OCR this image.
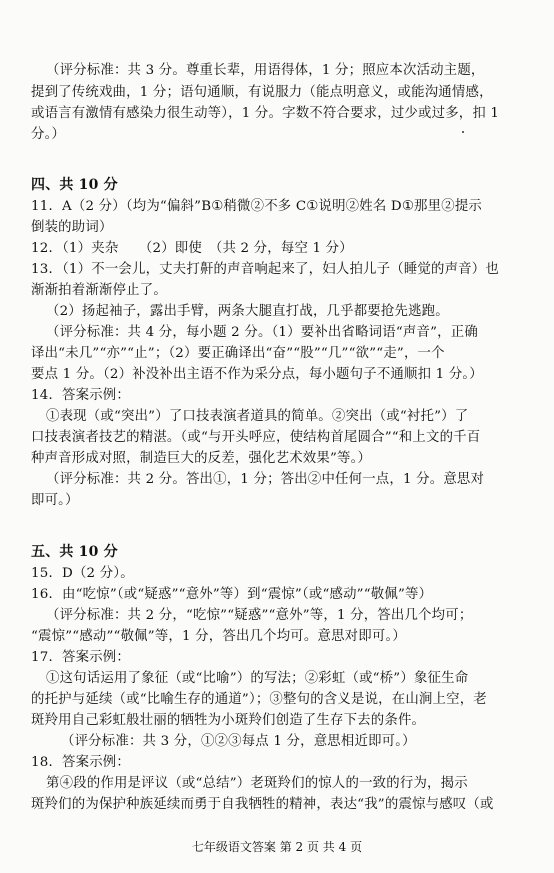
（评分标准：共 3 分。尊重长辈，用语得体，1 分；照应本次活动主题，
提到了传统戏曲，1 分；语句通顺，有说服力（能点明意义，或能沟通情感，
或语言有激情有感染力很生动等），1 分。字数不符合要求，过少或过多，扣 1
分。）
四、共 10 分
11．A（2 分）（均为“偏斜”B①稍微②不多 C①说明②姓名 D①那里②提示
倒装的助词）
12．（1）夹杂　　（2）即使　（共 2 分，每空 1 分）
13．（1）不一会儿，丈夫打鼾的声音响起来了，妇人拍儿子（睡觉的声音）也
渐渐拍着渐渐停止了。
（2）扬起袖子，露出手臂，两条大腿直打战，几乎都要抢先逃跑。
（评分标准：共 4 分，每小题 2 分。（1）要补出省略词语“声音”，正确
译出“未几”“亦”“止”；（2）要正确译出“奋”“股”“几”“欲”“走”，一个
要点 1 分。（2）补没补出主语不作为采分点，每小题句子不通顺扣 1 分。）
14．答案示例：
①表现（或“突出”）了口技表演者道具的简单。②突出（或“衬托”）了
口技表演者技艺的精湛。（或“与开头呼应，使结构首尾圆合”“和上文的千百
种声音形成对照，制造巨大的反差，强化艺术效果”等。）
（评分标准：共 2 分。答出①，1 分；答出②中任何一点，1 分。意思对
即可。）
五、共 10 分
15．D（2 分）。
16．由“吃惊”（或“疑惑”“意外”等）到“震惊”（或“感动”“敬佩”等）
（评分标准：共 2 分，“吃惊”“疑惑”“意外”等，1 分，答出几个均可；
“震惊”“感动”“敬佩”等，1 分，答出几个均可。意思对即可。）
17．答案示例：
①这句话运用了象征（或“比喻”）的写法；②彩虹（或“桥”）象征生命
的托护与延续（或“比喻生存的通道”）；③整句的含义是说，在山涧上空，老
斑羚用自己彩虹般壮丽的牺牲为小斑羚们创造了生存下去的条件。
（评分标准：共 3 分，①②③每点 1 分，意思相近即可。）
18．答案示例：
第④段的作用是评议（或“总结”）老斑羚们的惊人的一致的行为，揭示
斑羚们的为保护种族延续而勇于自我牺牲的精神，表达“我”的震惊与感叹（或
七年级语文答案 第 2 页 共 4 页
